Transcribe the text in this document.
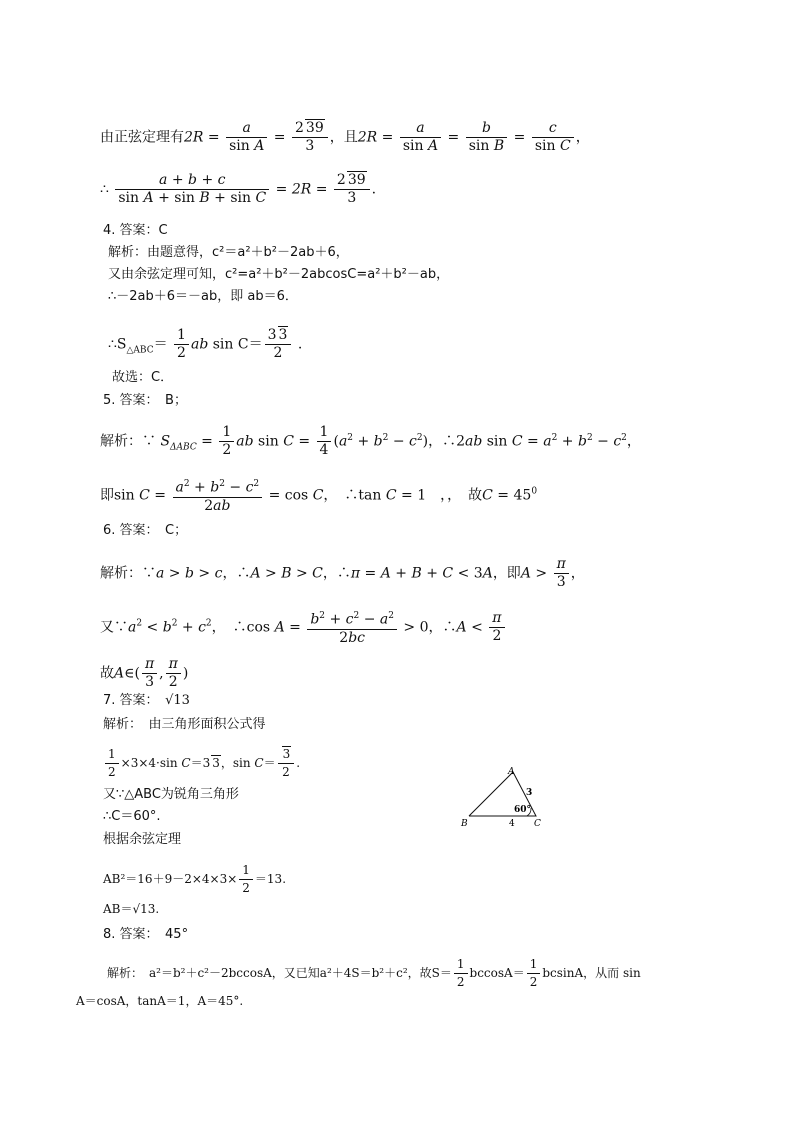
由正弦定理有$2R = \frac{a}{\text{sin A}} = \frac{2 39}{3}$ ，且$2R = \frac{a}{\text{sin A}} = \frac{b}{\text{sin B}} = \frac{c}{\text{sin C}}$ ，
∴ $\frac{a + b + c}{\text{sin A + sin B + sin C}} = 2R = \frac{2 39}{3}$ .
4. 答案：C
解析：由题意得，c²＝a²＋b²－2ab＋6，
又由余弦定理可知，c²=a²＋b²－2abcosC=a²＋b²－ab，
∴－2ab＋6＝－ab，即 ab＝6．
$\therefore S_{\triangle ABC}= \frac{1}{2}$ ab $\sin C= \frac{3 3}{2}$ .
故选：C．
5. 答案：　B；
解析：∵ $S_{\Delta ABC} = \frac{1}{2}$ ab $\sin C = \frac{1}{4} (a^2 + b^2 - c^2)$，∴2ab $\sin C = a^2 + b^2 - c^2$，
即$\sin C = \frac{a^2 + b^2 - c^2}{2ab} = \cos C$，　∴tan C = 1　，，　故$C = 45^0$
6. 答案：　C；
解析：∵a > b > c，∴A > B > C，∴π = A + B + C < 3A，即$A > \frac{\pi}{3}$ ，
又$\because a^2 < b^2 + c^2$，　∴cos $A = \frac{b^2 + c^2 - a^2}{2bc} > 0$，∴A < $\frac{\pi}{2}$
故A∈( $\frac{\pi}{3}$ , $\frac{\pi}{2}$ )
7. 答案：　 √13
解析：　由三角形面积公式得
$\frac{1}{2} \times 3\times 4\cdot\sin$ C＝3 3，$\sin C= \frac{3}{2}$ .
又∵△ABC为锐角三角形
∴C＝60°.
根据余弦定理
$AB^2=16+9-2\times 4\times 3\times \frac{1}{2} =13$.
AB＝√13.
A
B	C
3
4
60°
8. 答案：　45°
解析：　a²＝b²＋c²－2bccosA，又已知a²＋4S＝b²＋c²，故$S= \frac{1}{2} bccosA= \frac{1}{2}$ bcsinA，从而 sin
A＝cosA，tanA＝1，A＝45°.
